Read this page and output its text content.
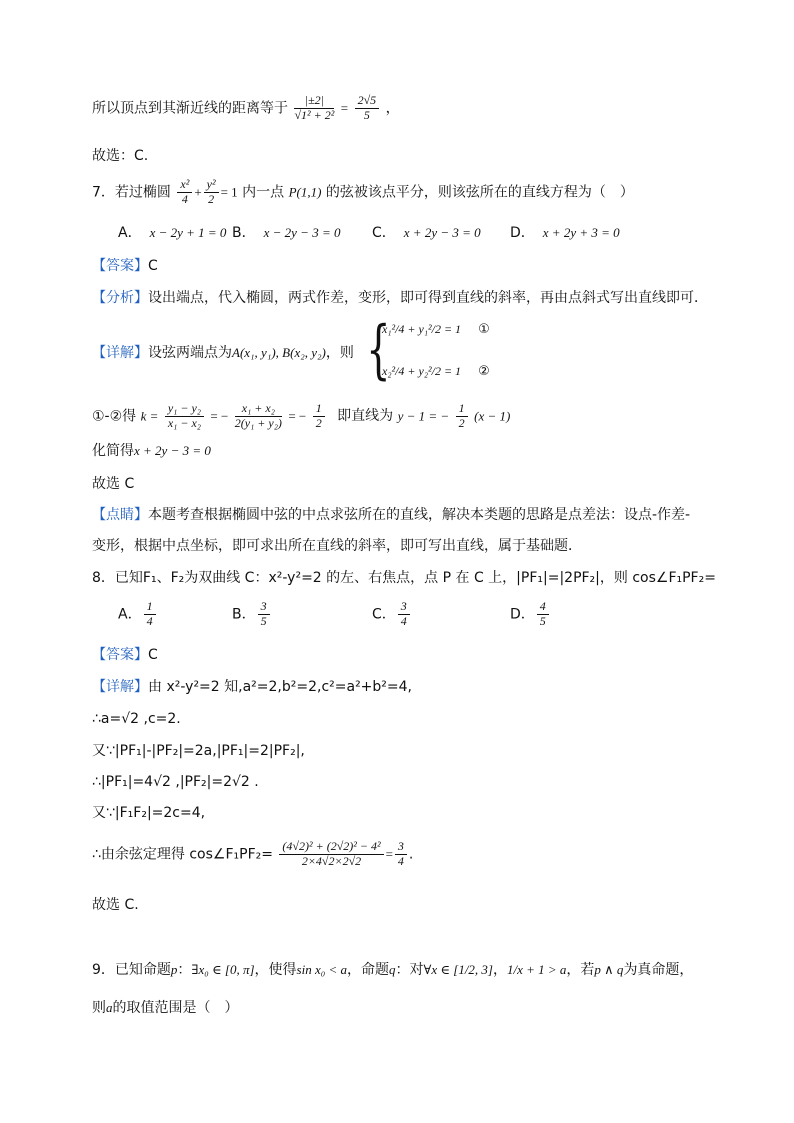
所以顶点到其渐近线的距离等于 $\frac{|\pm 2|}{\text{√1² + 2²}} = \frac{2√5}{5}$ ，
故选：C.
7．若过椭圆 $\frac{\text{x²}}{4} + \frac{\text{y²}}{2} = 1$ 内一点 P(1,1) 的弦被该点平分，则该弦所在的直线方程为（　）
A． x − 2y + 1 = 0 B． x − 2y − 3 = 0 C． x + 2y − 3 = 0 D． x + 2y + 3 = 0
【答案】C
【分析】设出端点，代入椭圆，两式作差，变形，即可得到直线的斜率，再由点斜式写出直线即可．
【详解】设弦两端点为A(x₁, y₁), B(x₂, y₂)，则 {
x₁²/4 + y₁²/2 = 1 ①
x₂²/4 + y₂²/2 = 1 ②
①-②得 $k = \frac{\text{y₁ − y₂}}{\text{x₁ − x₂}}$ = − $\frac{\text{x₁ + x₂}}{\text{2(y₁ + y₂)}}$ = − $\frac{1}{2}$ 即直线为 y − 1 = − $\frac{1}{2} (x - 1)$
化简得x + 2y − 3 = 0
故选 C
【点睛】本题考查根据椭圆中弦的中点求弦所在的直线，解决本类题的思路是点差法：设点-作差-
变形，根据中点坐标，即可求出所在直线的斜率，即可写出直线，属于基础题．
8．已知F₁、F₂为双曲线 C：x²-y²=2 的左、右焦点，点 P 在 C 上，|PF₁|=|2PF₂|，则 cos∠F₁PF₂=
A． $\frac{1}{4}$	B． $\frac{3}{5}$	C． $\frac{3}{4}$	D． $\frac{4}{5}$
【答案】C
【详解】由 x²-y²=2 知,a²=2,b²=2,c²=a²+b²=4,
∴a=√2 ,c=2.
又∵|PF₁|-|PF₂|=2a,|PF₁|=2|PF₂|,
∴|PF₁|=4√2 ,|PF₂|=2√2 .
又∵|F₁F₂|=2c=4,
∴由余弦定理得 cos∠F₁PF₂= $\frac{\text{(4√2)² + (2√2)² − 4²}}{2\times 4√2\times 2√2} = \frac{3}{4}$ .
故选 C.
9．已知命题p：∃x₀ ∈ [0, π]，使得sin x₀ < a，命题q：对∀x ∈ [1/2, 3]，1/x + 1 > a，若p ∧ q为真命题，
则a的取值范围是（　）
